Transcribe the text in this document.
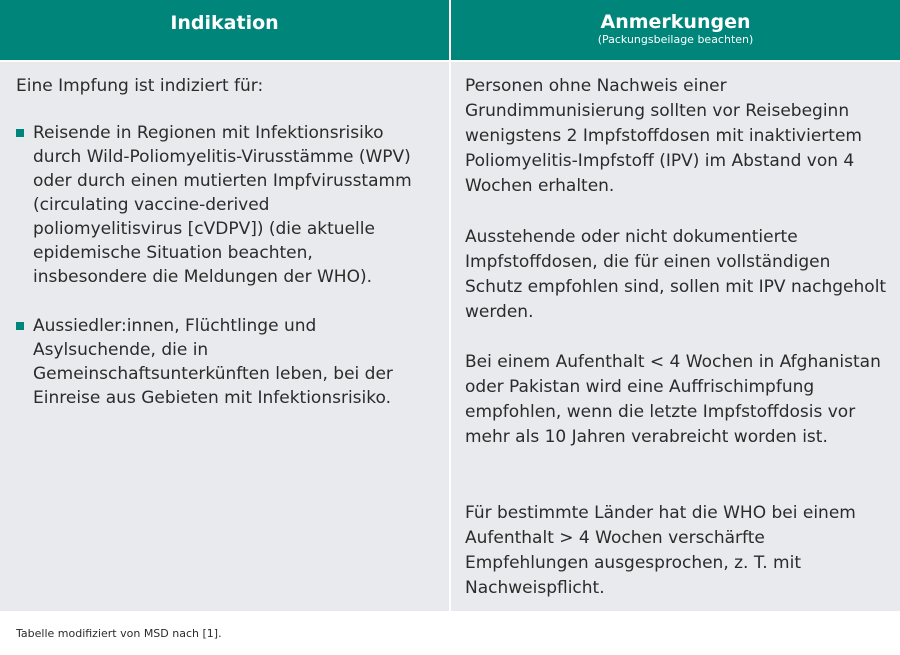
Indikation	Anmerkungen
(Packungsbeilage beachten)

Eine Impfung ist indiziert für:

Reisende in Regionen mit Infektionsrisiko durch Wild-Poliomyelitis-Virusstämme (WPV) oder durch einen mutierten Impfvirusstamm (circulating vaccine-derived poliomyelitisvirus [cVDPV]) (die aktuelle epidemische Situation beachten, insbesondere die Meldungen der WHO).
Aussiedler:innen, Flüchtlinge und Asylsuchende, die in Gemeinschaftsunterkünften leben, bei der Einreise aus Gebieten mit Infektionsrisiko.

Personen ohne Nachweis einer Grundimmunisierung sollten vor Reisebeginn wenigstens 2 Impfstoffdosen mit inaktiviertem Poliomyelitis-Impfstoff (IPV) im Abstand von 4 Wochen erhalten.

Ausstehende oder nicht dokumentierte Impfstoffdosen, die für einen vollständigen Schutz empfohlen sind, sollen mit IPV nachgeholt werden.

Bei einem Aufenthalt < 4 Wochen in Afghanistan oder Pakistan wird eine Auffrischimpfung empfohlen, wenn die letzte Impfstoffdosis vor mehr als 10 Jahren verabreicht worden ist.

Für bestimmte Länder hat die WHO bei einem Aufenthalt > 4 Wochen verschärfte Empfehlungen ausgesprochen, z. T. mit Nachweispflicht.

Tabelle modifiziert von MSD nach [1].
